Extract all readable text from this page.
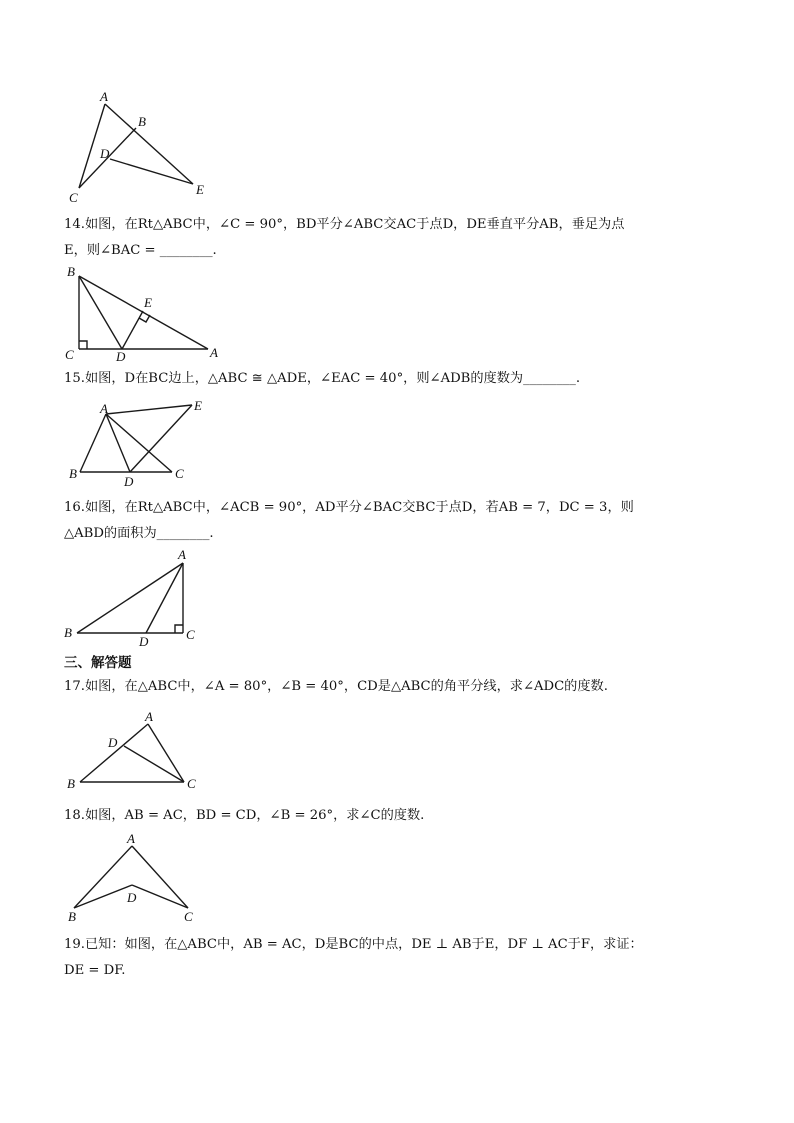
A
B
D
C
E
14.如图，在Rt△ABC中，∠C = 90°，BD平分∠ABC交AC于点D，DE垂直平分AB，垂足为点
E，则∠BAC = ________.
B
E
C	D	A
15.如图，D在BC边上，△ABC ≅ △ADE，∠EAC = 40°，则∠ADB的度数为________.
A	E
B	C
D
16.如图，在Rt△ABC中，∠ACB = 90°，AD平分∠BAC交BC于点D，若AB = 7，DC = 3，则
△ABD的面积为________.
A
B
D	C
三、解答题
17.如图，在△ABC中，∠A = 80°，∠B = 40°，CD是△ABC的角平分线，求∠ADC的度数.
A
D
B	C
18.如图，AB = AC，BD = CD，∠B = 26°，求∠C的度数.
A
D
B	C
19.已知：如图，在△ABC中，AB = AC，D是BC的中点，DE ⊥ AB于E，DF ⊥ AC于F，求证：
DE = DF.
